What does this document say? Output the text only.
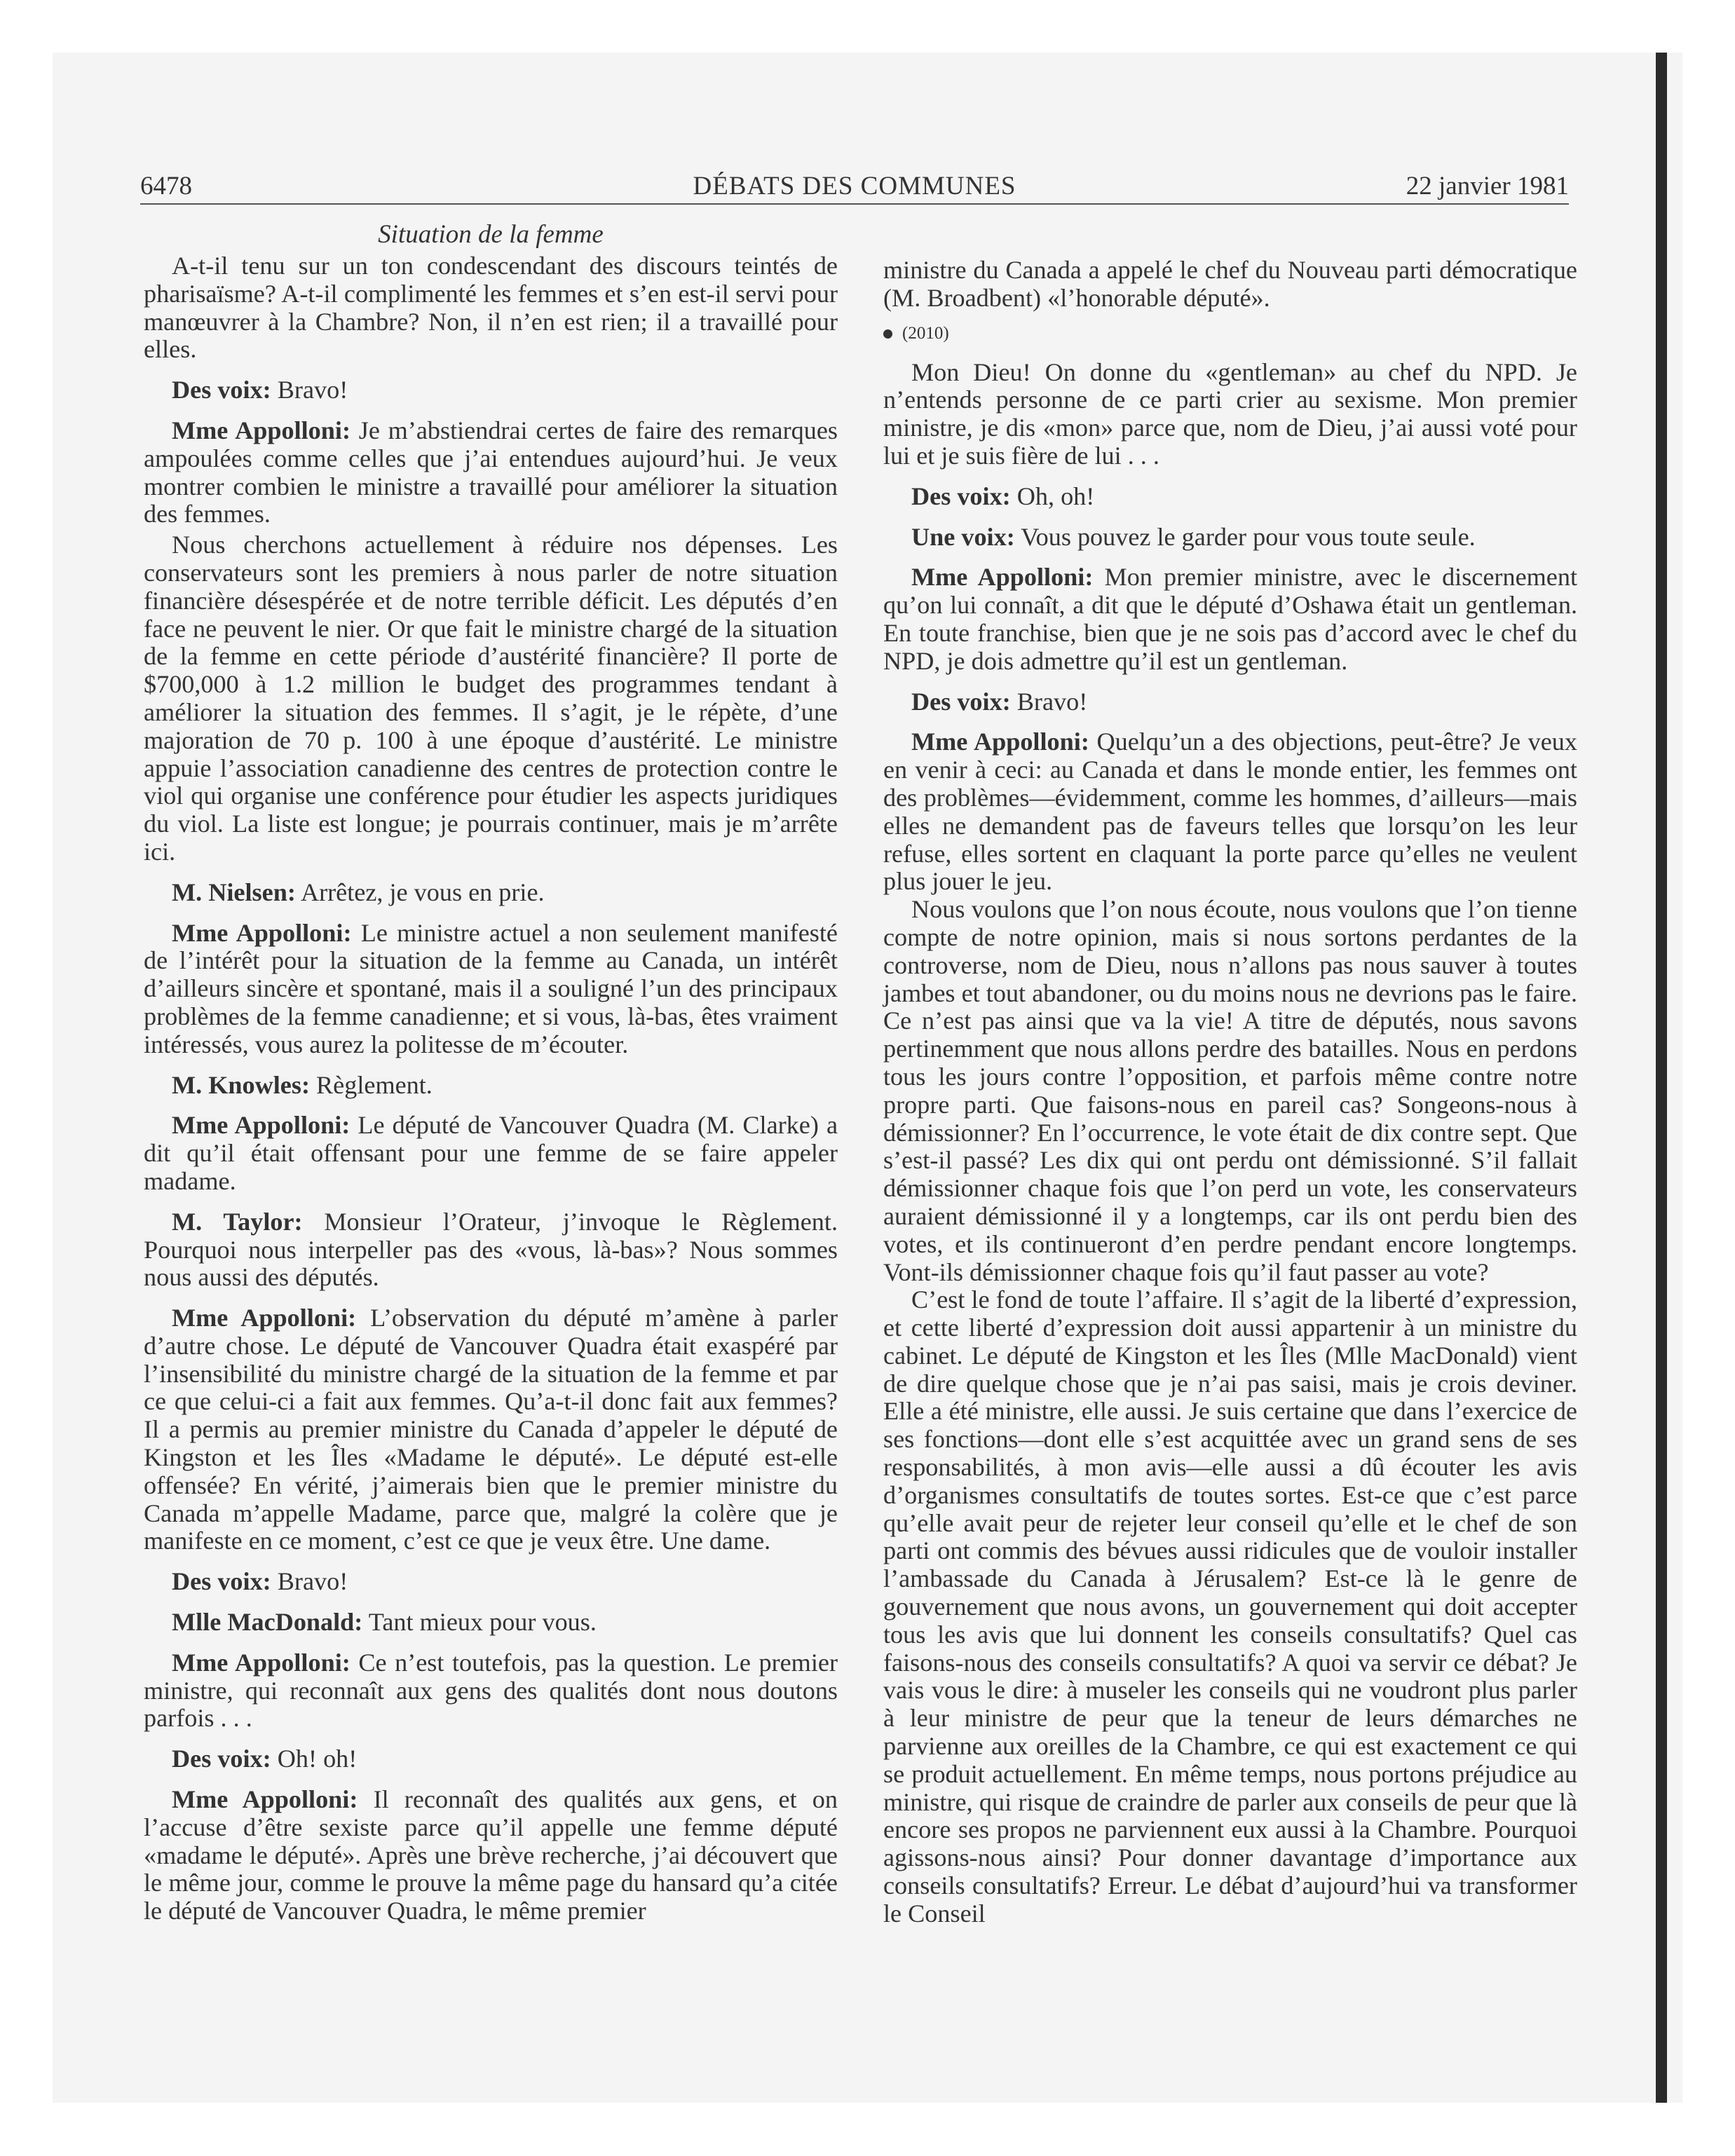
6478	DÉBATS DES COMMUNES	22 janvier 1981
Situation de la femme

A-t-il tenu sur un ton condescendant des discours teintés de pharisaïsme? A-t-il complimenté les femmes et s’en est-il servi pour manœuvrer à la Chambre? Non, il n’en est rien; il a travaillé pour elles.

Des voix: Bravo!

Mme Appolloni: Je m’abstiendrai certes de faire des remarques ampoulées comme celles que j’ai entendues aujourd’hui. Je veux montrer combien le ministre a travaillé pour améliorer la situation des femmes.

Nous cherchons actuellement à réduire nos dépenses. Les conservateurs sont les premiers à nous parler de notre situation financière désespérée et de notre terrible déficit. Les députés d’en face ne peuvent le nier. Or que fait le ministre chargé de la situation de la femme en cette période d’austérité financière? Il porte de $700,000 à 1.2 million le budget des programmes tendant à améliorer la situation des femmes. Il s’agit, je le répète, d’une majoration de 70 p. 100 à une époque d’austérité. Le ministre appuie l’association canadienne des centres de protection contre le viol qui organise une conférence pour étudier les aspects juridiques du viol. La liste est longue; je pourrais continuer, mais je m’arrête ici.

M. Nielsen: Arrêtez, je vous en prie.

Mme Appolloni: Le ministre actuel a non seulement manifesté de l’intérêt pour la situation de la femme au Canada, un intérêt d’ailleurs sincère et spontané, mais il a souligné l’un des principaux problèmes de la femme canadienne; et si vous, là-bas, êtes vraiment intéressés, vous aurez la politesse de m’écouter.

M. Knowles: Règlement.

Mme Appolloni: Le député de Vancouver Quadra (M. Clarke) a dit qu’il était offensant pour une femme de se faire appeler madame.

M. Taylor: Monsieur l’Orateur, j’invoque le Règlement. Pourquoi nous interpeller pas des «vous, là-bas»? Nous sommes nous aussi des députés.

Mme Appolloni: L’observation du député m’amène à parler d’autre chose. Le député de Vancouver Quadra était exaspéré par l’insensibilité du ministre chargé de la situation de la femme et par ce que celui-ci a fait aux femmes. Qu’a-t-il donc fait aux femmes? Il a permis au premier ministre du Canada d’appeler le député de Kingston et les Îles «Madame le député». Le député est-elle offensée? En vérité, j’aimerais bien que le premier ministre du Canada m’appelle Madame, parce que, malgré la colère que je manifeste en ce moment, c’est ce que je veux être. Une dame.

Des voix: Bravo!

Mlle MacDonald: Tant mieux pour vous.

Mme Appolloni: Ce n’est toutefois, pas la question. Le premier ministre, qui reconnaît aux gens des qualités dont nous doutons parfois . . .

Des voix: Oh! oh!

Mme Appolloni: Il reconnaît des qualités aux gens, et on l’accuse d’être sexiste parce qu’il appelle une femme député «madame le député». Après une brève recherche, j’ai découvert que le même jour, comme le prouve la même page du hansard qu’a citée le député de Vancouver Quadra, le même premier

ministre du Canada a appelé le chef du Nouveau parti démocratique (M. Broadbent) «l’honorable député».

(2010)

Mon Dieu! On donne du «gentleman» au chef du NPD. Je n’entends personne de ce parti crier au sexisme. Mon premier ministre, je dis «mon» parce que, nom de Dieu, j’ai aussi voté pour lui et je suis fière de lui . . .

Des voix: Oh, oh!

Une voix: Vous pouvez le garder pour vous toute seule.

Mme Appolloni: Mon premier ministre, avec le discernement qu’on lui connaît, a dit que le député d’Oshawa était un gentleman. En toute franchise, bien que je ne sois pas d’accord avec le chef du NPD, je dois admettre qu’il est un gentleman.

Des voix: Bravo!

Mme Appolloni: Quelqu’un a des objections, peut-être? Je veux en venir à ceci: au Canada et dans le monde entier, les femmes ont des problèmes—évidemment, comme les hommes, d’ailleurs—mais elles ne demandent pas de faveurs telles que lorsqu’on les leur refuse, elles sortent en claquant la porte parce qu’elles ne veulent plus jouer le jeu.

Nous voulons que l’on nous écoute, nous voulons que l’on tienne compte de notre opinion, mais si nous sortons perdantes de la controverse, nom de Dieu, nous n’allons pas nous sauver à toutes jambes et tout abandoner, ou du moins nous ne devrions pas le faire. Ce n’est pas ainsi que va la vie! A titre de députés, nous savons pertinemment que nous allons perdre des batailles. Nous en perdons tous les jours contre l’opposition, et parfois même contre notre propre parti. Que faisons-nous en pareil cas? Songeons-nous à démissionner? En l’occurrence, le vote était de dix contre sept. Que s’est-il passé? Les dix qui ont perdu ont démissionné. S’il fallait démissionner chaque fois que l’on perd un vote, les conservateurs auraient démissionné il y a longtemps, car ils ont perdu bien des votes, et ils continueront d’en perdre pendant encore longtemps. Vont-ils démissionner chaque fois qu’il faut passer au vote?

C’est le fond de toute l’affaire. Il s’agit de la liberté d’expression, et cette liberté d’expression doit aussi appartenir à un ministre du cabinet. Le député de Kingston et les Îles (Mlle MacDonald) vient de dire quelque chose que je n’ai pas saisi, mais je crois deviner. Elle a été ministre, elle aussi. Je suis certaine que dans l’exercice de ses fonctions—dont elle s’est acquittée avec un grand sens de ses responsabilités, à mon avis—elle aussi a dû écouter les avis d’organismes consultatifs de toutes sortes. Est-ce que c’est parce qu’elle avait peur de rejeter leur conseil qu’elle et le chef de son parti ont commis des bévues aussi ridicules que de vouloir installer l’ambassade du Canada à Jérusalem? Est-ce là le genre de gouvernement que nous avons, un gouvernement qui doit accepter tous les avis que lui donnent les conseils consultatifs? Quel cas faisons-nous des conseils consultatifs? A quoi va servir ce débat? Je vais vous le dire: à museler les conseils qui ne voudront plus parler à leur ministre de peur que la teneur de leurs démarches ne parvienne aux oreilles de la Chambre, ce qui est exactement ce qui se produit actuellement. En même temps, nous portons préjudice au ministre, qui risque de craindre de parler aux conseils de peur que là encore ses propos ne parviennent eux aussi à la Chambre. Pourquoi agissons-nous ainsi? Pour donner davantage d’importance aux conseils consultatifs? Erreur. Le débat d’aujourd’hui va transformer le Conseil
